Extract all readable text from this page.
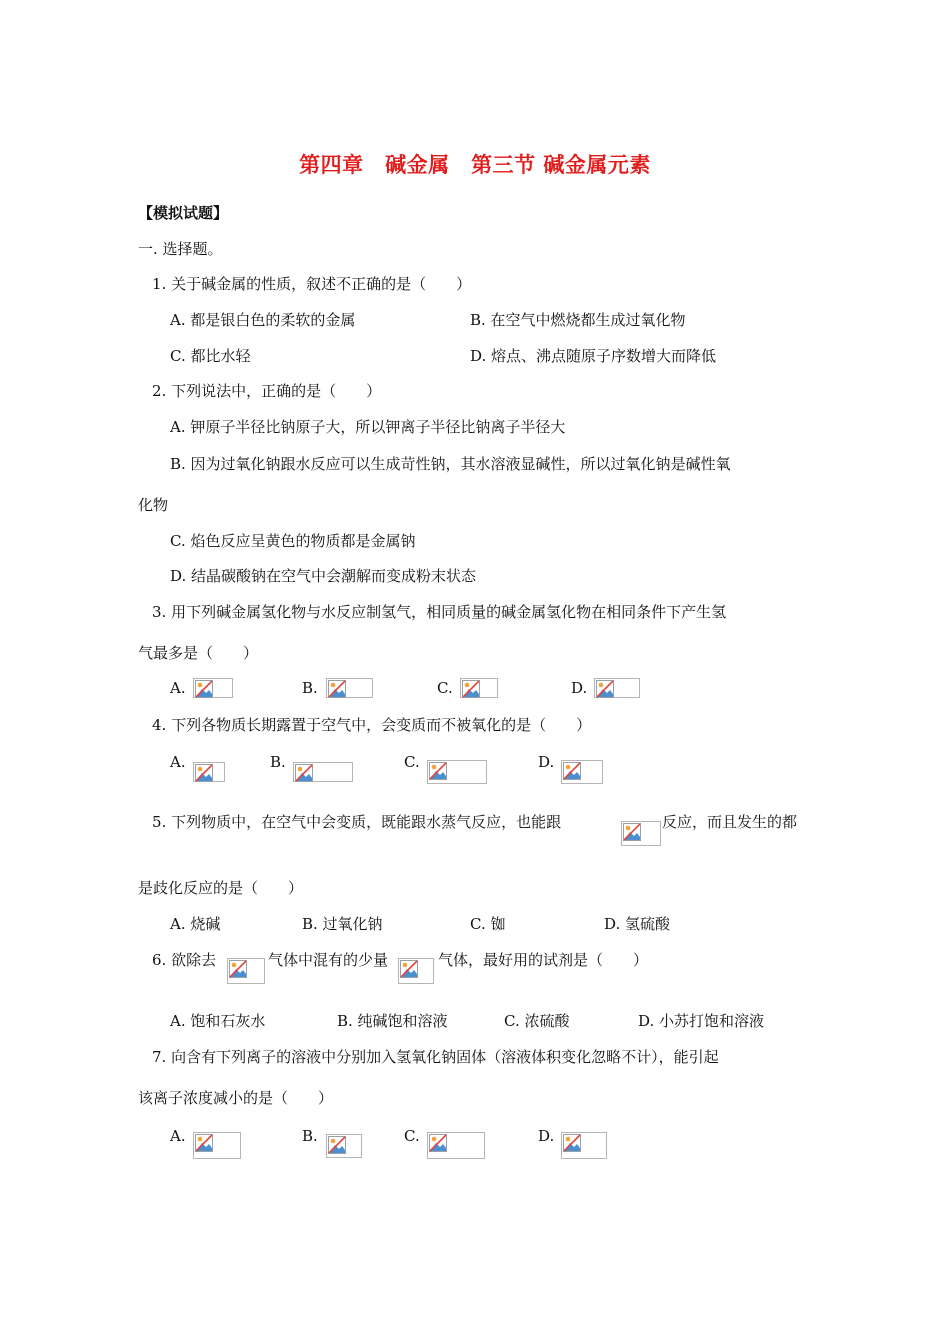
第四章　碱金属　第三节 碱金属元素
【模拟试题】
一. 选择题。
1. 关于碱金属的性质，叙述不正确的是（　　）
A. 都是银白色的柔软的金属	B. 在空气中燃烧都生成过氧化物
C. 都比水轻	D. 熔点、沸点随原子序数增大而降低
2. 下列说法中，正确的是（　　）
A. 钾原子半径比钠原子大，所以钾离子半径比钠离子半径大
B. 因为过氧化钠跟水反应可以生成苛性钠，其水溶液显碱性，所以过氧化钠是碱性氧
化物
C. 焰色反应呈黄色的物质都是金属钠
D. 结晶碳酸钠在空气中会潮解而变成粉末状态
3. 用下列碱金属氢化物与水反应制氢气，相同质量的碱金属氢化物在相同条件下产生氢
气最多是（　　）
A.	B.	C.	D.
4. 下列各物质长期露置于空气中，会变质而不被氧化的是（　　）
A.	B.	C.	D.
5. 下列物质中，在空气中会变质，既能跟水蒸气反应，也能跟	反应，而且发生的都
是歧化反应的是（　　）
A. 烧碱	B. 过氧化钠	C. 铷	D. 氢硫酸
6. 欲除去	气体中混有的少量	气体，最好用的试剂是（　　）
A. 饱和石灰水	B. 纯碱饱和溶液	C. 浓硫酸	D. 小苏打饱和溶液
7. 向含有下列离子的溶液中分别加入氢氧化钠固体（溶液体积变化忽略不计），能引起
该离子浓度减小的是（　　）
A.	B.	C.	D.
